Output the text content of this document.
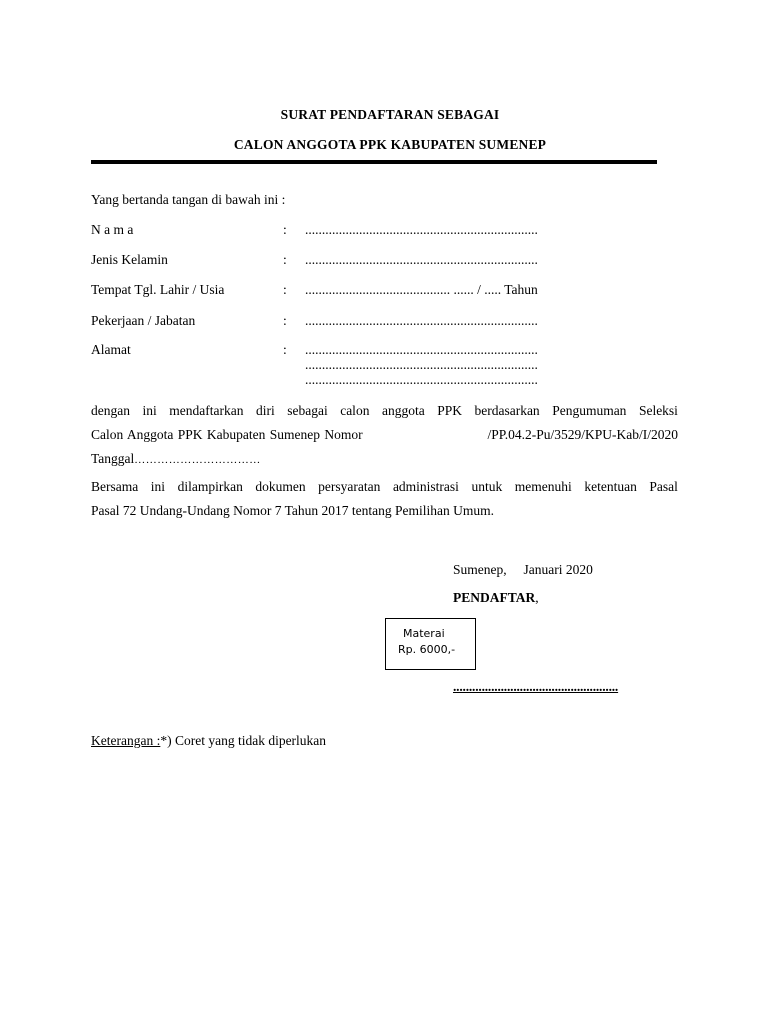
SURAT PENDAFTARAN SEBAGAI
CALON ANGGOTA PPK KABUPATEN SUMENEP
Yang bertanda tangan di bawah ini :
N a m a	: .....................................................................
Jenis Kelamin	: .....................................................................
Tempat Tgl. Lahir / Usia	: ........................................... ...... / ..... Tahun
Pekerjaan / Jabatan	: .....................................................................
Alamat	: .....................................................................
.....................................................................
.....................................................................
dengan ini mendaftarkan diri sebagai calon anggota PPK berdasarkan Pengumuman Seleksi
Calon Anggota PPK Kabupaten Sumenep Nomor	/PP.04.2-Pu/3529/KPU-Kab/I/2020
Tanggal……………………………
Bersama ini dilampirkan dokumen persyaratan administrasi untuk memenuhi ketentuan Pasal
Pasal 72 Undang-Undang Nomor 7 Tahun 2017 tentang Pemilihan Umum.
Sumenep,     Januari 2020
PENDAFTAR,
Materai
Rp. 6000,-
....................................................
Keterangan :*) Coret yang tidak diperlukan
